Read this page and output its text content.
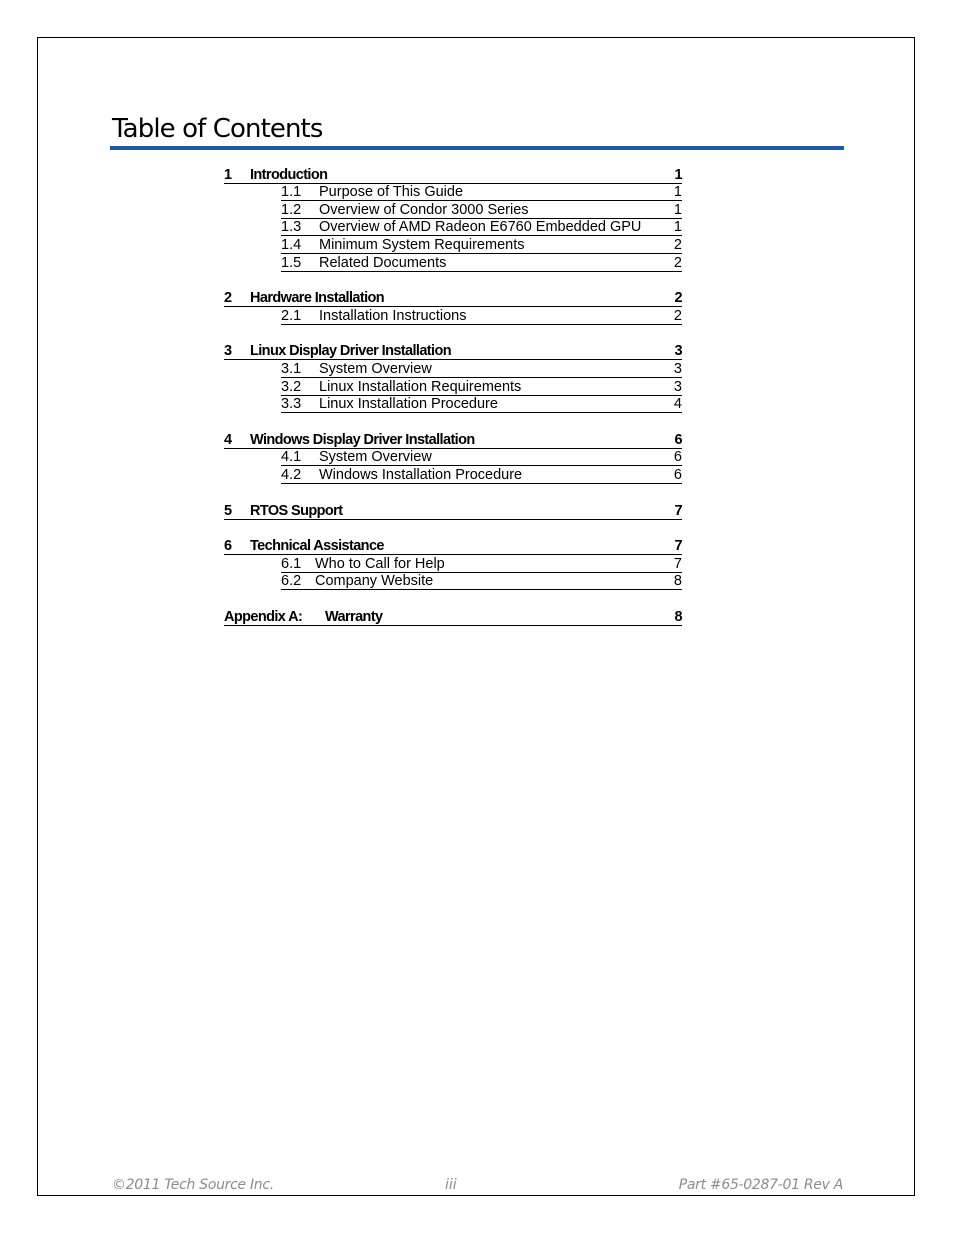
Table of Contents
1	Introduction	1
1.1	Purpose of This Guide	1
1.2	Overview of Condor 3000 Series	1
1.3	Overview of AMD Radeon E6760 Embedded GPU	1
1.4	Minimum System Requirements	2
1.5	Related Documents	2
2	Hardware Installation	2
2.1	Installation Instructions	2
3	Linux Display Driver Installation	3
3.1	System Overview	3
3.2	Linux Installation Requirements	3
3.3	Linux Installation Procedure	4
4	Windows Display Driver Installation	6
4.1	System Overview	6
4.2	Windows Installation Procedure	6
5	RTOS Support	7
6	Technical Assistance	7
6.1 Who to Call for Help	7
6.2 Company Website	8
Appendix A:	Warranty	8
©2011 Tech Source Inc.	iii	Part #65-0287-01 Rev A
